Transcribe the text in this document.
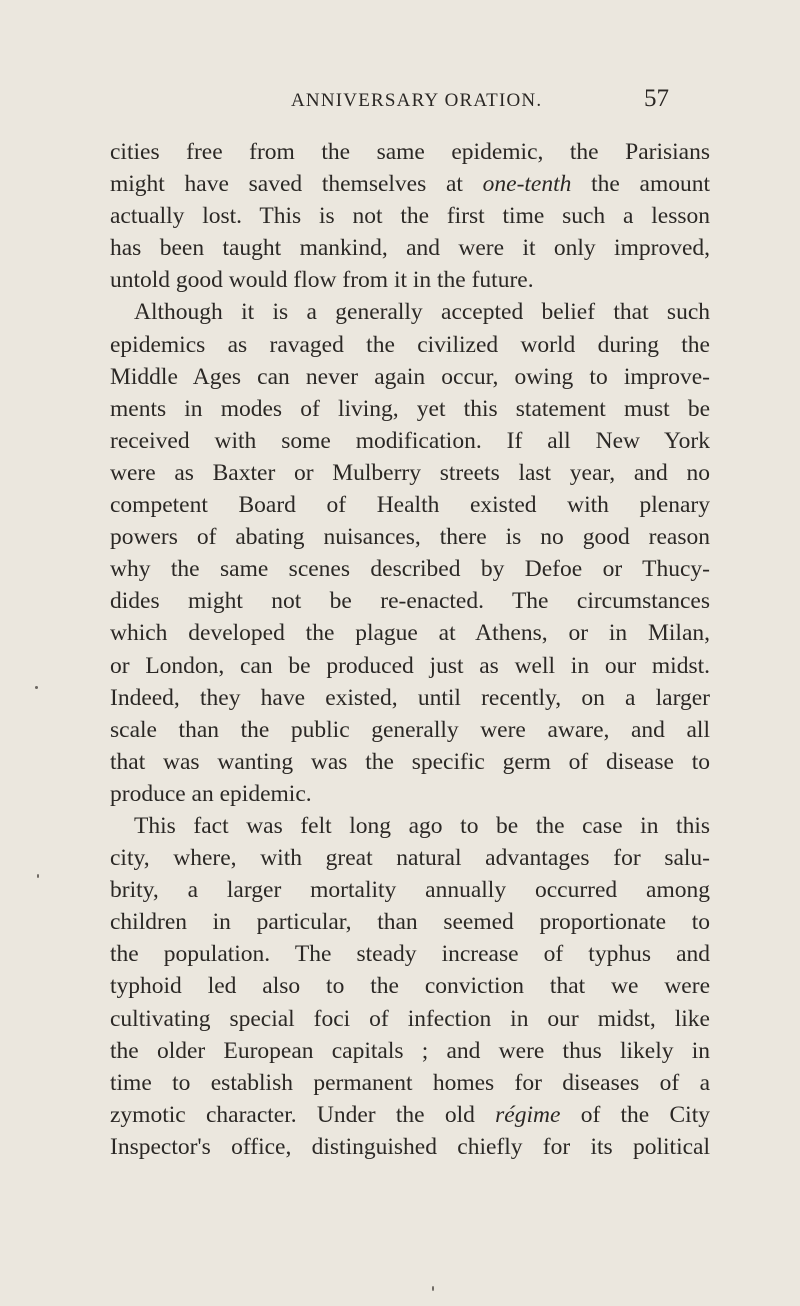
ANNIVERSARY ORATION.	57
cities free from the same epidemic, the Parisians
might have saved themselves at one-tenth the amount
actually lost. This is not the first time such a lesson
has been taught mankind, and were it only improved,
untold good would flow from it in the future.
Although it is a generally accepted belief that such
epidemics as ravaged the civilized world during the
Middle Ages can never again occur, owing to improve-
ments in modes of living, yet this statement must be
received with some modification. If all New York
were as Baxter or Mulberry streets last year, and no
competent Board of Health existed with plenary
powers of abating nuisances, there is no good reason
why the same scenes described by Defoe or Thucy-
dides might not be re-enacted. The circumstances
which developed the plague at Athens, or in Milan,
or London, can be produced just as well in our midst.
Indeed, they have existed, until recently, on a larger
scale than the public generally were aware, and all
that was wanting was the specific germ of disease to
produce an epidemic.
This fact was felt long ago to be the case in this
city, where, with great natural advantages for salu-
brity, a larger mortality annually occurred among
children in particular, than seemed proportionate to
the population. The steady increase of typhus and
typhoid led also to the conviction that we were
cultivating special foci of infection in our midst, like
the older European capitals ; and were thus likely in
time to establish permanent homes for diseases of a
zymotic character. Under the old régime of the City
Inspector's office, distinguished chiefly for its political
